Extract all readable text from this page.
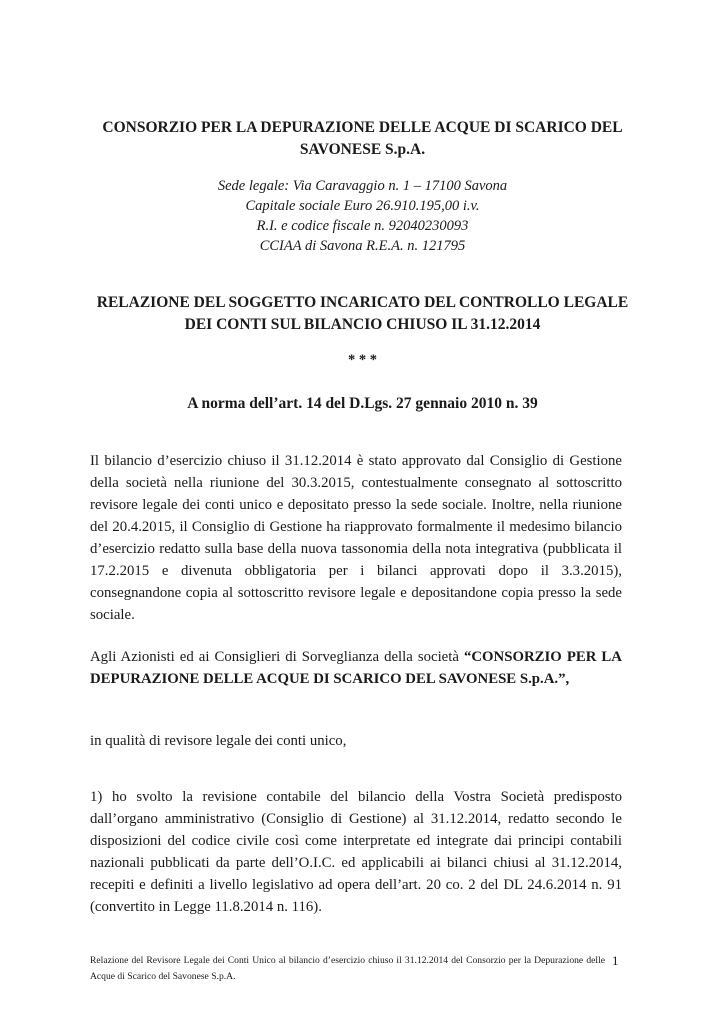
CONSORZIO PER LA DEPURAZIONE DELLE ACQUE DI SCARICO DEL SAVONESE S.p.A.
Sede legale: Via Caravaggio n. 1 – 17100 Savona
Capitale sociale Euro 26.910.195,00 i.v.
R.I. e codice fiscale n. 92040230093
CCIAA di Savona R.E.A. n. 121795
RELAZIONE DEL SOGGETTO INCARICATO DEL CONTROLLO LEGALE DEI CONTI SUL BILANCIO CHIUSO IL 31.12.2014
* * *
A norma dell’art. 14 del D.Lgs. 27 gennaio 2010 n. 39
Il bilancio d’esercizio chiuso il 31.12.2014 è stato approvato dal Consiglio di Gestione della società nella riunione del 30.3.2015, contestualmente consegnato al sottoscritto revisore legale dei conti unico e depositato presso la sede sociale. Inoltre, nella riunione del 20.4.2015, il Consiglio di Gestione ha riapprovato formalmente il medesimo bilancio d’esercizio redatto sulla base della nuova tassonomia della nota integrativa (pubblicata il 17.2.2015 e divenuta obbligatoria per i bilanci approvati dopo il 3.3.2015), consegnandone copia al sottoscritto revisore legale e depositandone copia presso la sede sociale.
Agli Azionisti ed ai Consiglieri di Sorveglianza della società “CONSORZIO PER LA DEPURAZIONE DELLE ACQUE DI SCARICO DEL SAVONESE S.p.A.”,
in qualità di revisore legale dei conti unico,
1) ho svolto la revisione contabile del bilancio della Vostra Società predisposto dall’organo amministrativo (Consiglio di Gestione) al 31.12.2014, redatto secondo le disposizioni del codice civile così come interpretate ed integrate dai principi contabili nazionali pubblicati da parte dell’O.I.C. ed applicabili ai bilanci chiusi al 31.12.2014, recepiti e definiti a livello legislativo ad opera dell’art. 20 co. 2 del DL 24.6.2014 n. 91 (convertito in Legge 11.8.2014 n. 116).
Relazione del Revisore Legale dei Conti Unico al bilancio d’esercizio chiuso il 31.12.2014 del Consorzio per la Depurazione delle Acque di Scarico del Savonese S.p.A.
1
